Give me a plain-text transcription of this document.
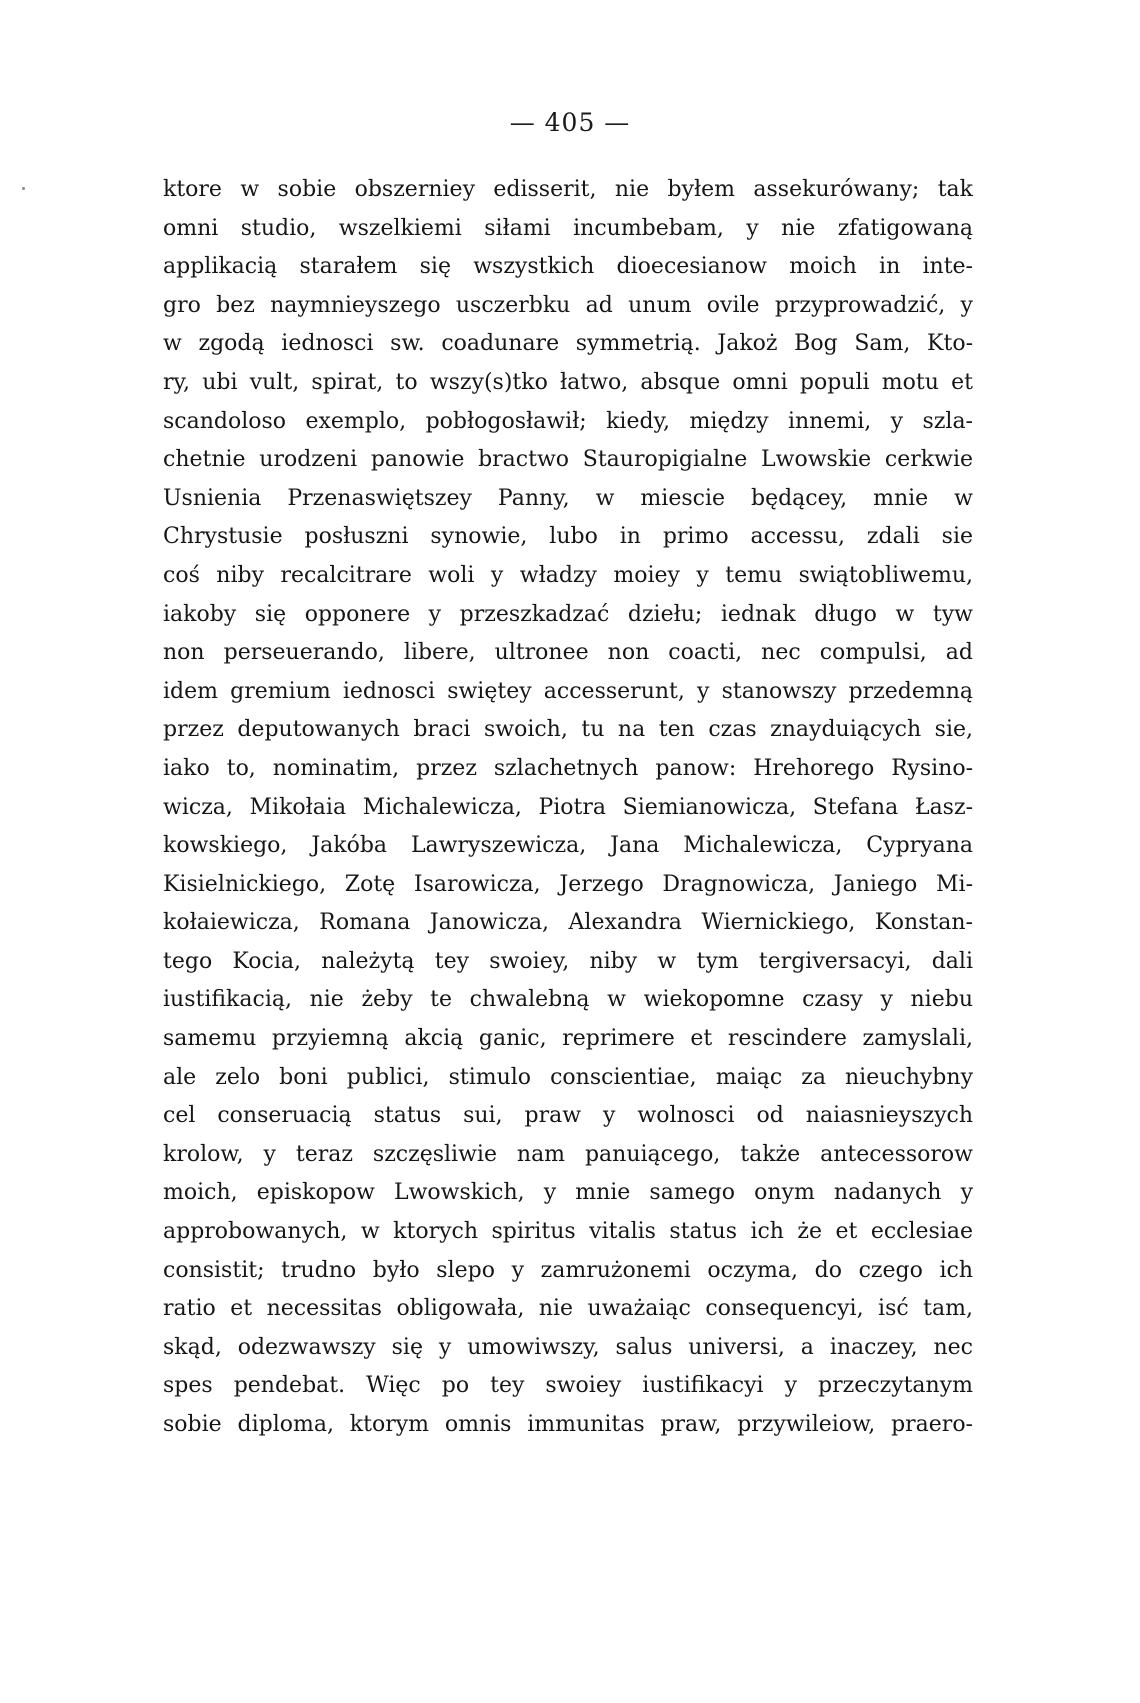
— 405 —
ktore w sobie obszerniey edisserit, nie byłem assekurówany; tak
omni studio, wszelkiemi siłami incumbebam, y nie zfatigowaną
applikacią starałem się wszystkich dioecesianow moich in inte-
gro bez naymnieyszego usczerbku ad unum ovile przyprowadzić, y
w zgodą iednosci sw. coadunare symmetrią. Jakoż Bog Sam, Kto-
ry, ubi vult, spirat, to wszy(s)tko łatwo, absque omni populi motu et
scandoloso exemplo, pobłogosławił; kiedy, między innemi, y szla-
chetnie urodzeni panowie bractwo Stauropigialne Lwowskie cerkwie
Usnienia Przenaswiętszey Panny, w miescie będącey, mnie w
Chrystusie posłuszni synowie, lubo in primo accessu, zdali sie
coś niby recalcitrare woli y władzy moiey y temu swiątobliwemu,
iakoby się opponere y przeszkadzać dziełu; iednak długo w tyw
non perseuerando, libere, ultronee non coacti, nec compulsi, ad
idem gremium iednosci swiętey accesserunt, y stanowszy przedemną
przez deputowanych braci swoich, tu na ten czas znayduiących sie,
iako to, nominatim, przez szlachetnych panow: Hrehorego Rysino-
wicza, Mikołaia Michalewicza, Piotra Siemianowicza, Stefana Łasz-
kowskiego, Jakóba Lawryszewicza, Jana Michalewicza, Cypryana
Kisielnickiego, Zotę Isarowicza, Jerzego Dragnowicza, Janiego Mi-
kołaiewicza, Romana Janowicza, Alexandra Wiernickiego, Konstan-
tego Kocia, należytą tey swoiey, niby w tym tergiversacyi, dali
iustifikacią, nie żeby te chwalebną w wiekopomne czasy y niebu
samemu przyiemną akcią ganic, reprimere et rescindere zamyslali,
ale zelo boni publici, stimulo conscientiae, maiąc za nieuchybny
cel conseruacią status sui, praw y wolnosci od naiasnieyszych
krolow, y teraz szczęsliwie nam panuiącego, także antecessorow
moich, episkopow Lwowskich, y mnie samego onym nadanych y
approbowanych, w ktorych spiritus vitalis status ich że et ecclesiae
consistit; trudno było slepo y zamrużonemi oczyma, do czego ich
ratio et necessitas obligowała, nie uważaiąc consequencyi, isć tam,
skąd, odezwawszy się y umowiwszy, salus universi, a inaczey, nec
spes pendebat. Więc po tey swoiey iustifikacyi y przeczytanym
sobie diploma, ktorym omnis immunitas praw, przywileiow, praero-
